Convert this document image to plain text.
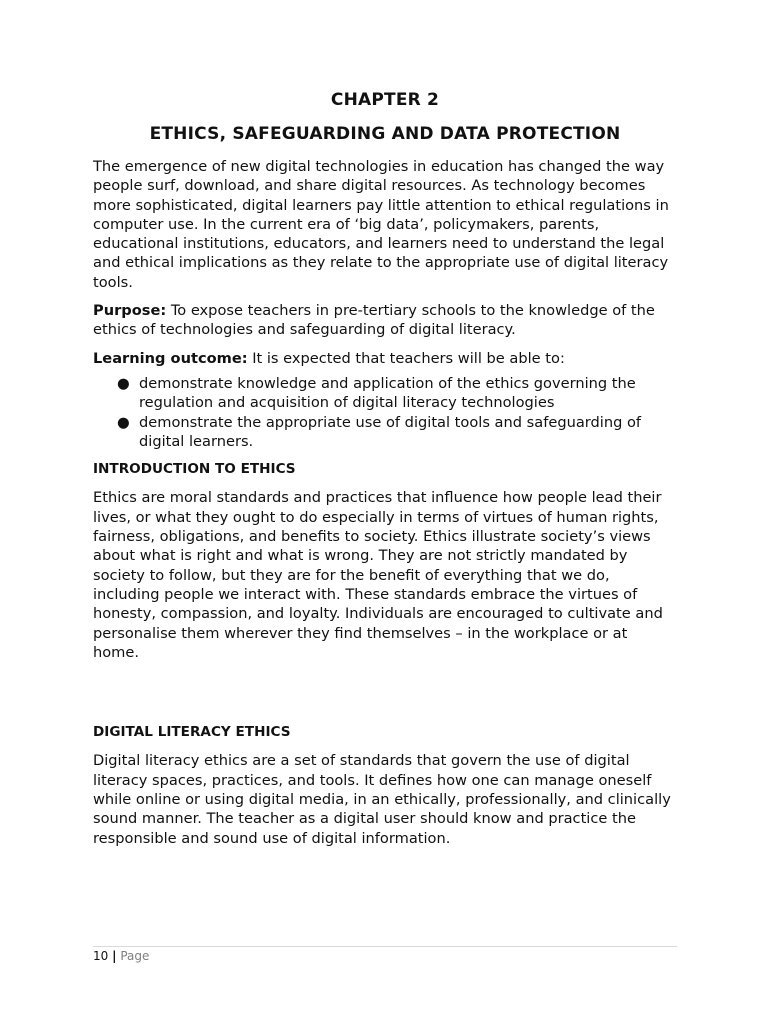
CHAPTER 2
ETHICS, SAFEGUARDING AND DATA PROTECTION

The emergence of new digital technologies in education has changed the way people surf, download, and share digital resources. As technology becomes more sophisticated, digital learners pay little attention to ethical regulations in computer use. In the current era of ‘big data’, policymakers, parents, educational institutions, educators, and learners need to understand the legal and ethical implications as they relate to the appropriate use of digital literacy tools.

Purpose: To expose teachers in pre-tertiary schools to the knowledge of the ethics of technologies and safeguarding of digital literacy.

Learning outcome: It is expected that teachers will be able to:

● demonstrate knowledge and application of the ethics governing the regulation and acquisition of digital literacy technologies
● demonstrate the appropriate use of digital tools and safeguarding of digital learners.
INTRODUCTION TO ETHICS

Ethics are moral standards and practices that influence how people lead their lives, or what they ought to do especially in terms of virtues of human rights, fairness, obligations, and benefits to society. Ethics illustrate society’s views about what is right and what is wrong. They are not strictly mandated by society to follow, but they are for the benefit of everything that we do, including people we interact with. These standards embrace the virtues of honesty, compassion, and loyalty. Individuals are encouraged to cultivate and personalise them wherever they find themselves – in the workplace or at home.

DIGITAL LITERACY ETHICS

Digital literacy ethics are a set of standards that govern the use of digital literacy spaces, practices, and tools. It defines how one can manage oneself while online or using digital media, in an ethically, professionally, and clinically sound manner. The teacher as a digital user should know and practice the responsible and sound use of digital information.

10 | Page
